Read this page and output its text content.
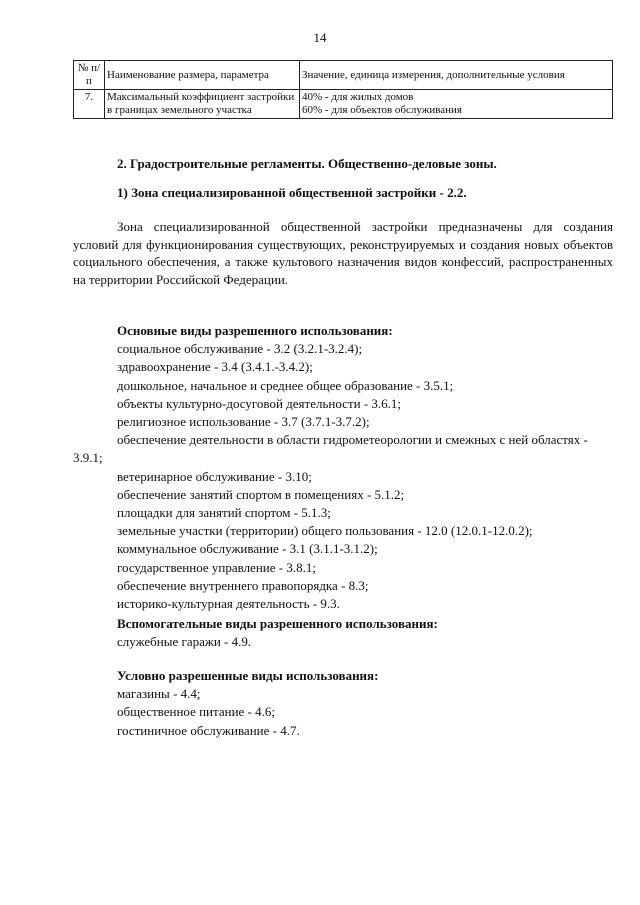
14
№ п/п	Наименование размера, параметра	Значение, единица измерения, дополнительные условия
7.	Максимальный коэффициент застройки в границах земельного участка	40% - для жилых домов
60% - для объектов обслуживания
2. Градостроительные регламенты. Общественно-деловые зоны.
1) Зона специализированной общественной застройки - 2.2.

Зона специализированной общественной застройки предназначены для создания условий для функционирования существующих, реконструируемых и создания новых объектов социального обеспечения, а также культового назначения видов конфессий, распространенных на территории Российской Федерации.

Основные виды разрешенного использования:
социальное обслуживание - 3.2 (3.2.1-3.2.4);
здравоохранение - 3.4 (3.4.1.-3.4.2);
дошкольное, начальное и среднее общее образование - 3.5.1;
объекты культурно-досуговой деятельности - 3.6.1;
религиозное использование - 3.7 (3.7.1-3.7.2);
обеспечение деятельности в области гидрометеорологии и смежных с ней областях - 3.9.1;
ветеринарное обслуживание - 3.10;
обеспечение занятий спортом в помещениях - 5.1.2;
площадки для занятий спортом - 5.1.3;
земельные участки (территории) общего пользования - 12.0 (12.0.1-12.0.2);
коммунальное обслуживание - 3.1 (3.1.1-3.1.2);
государственное управление - 3.8.1;
обеспечение внутреннего правопорядка - 8.3;
историко-культурная деятельность - 9.3.
Вспомогательные виды разрешенного использования:
служебные гаражи - 4.9.
Условно разрешенные виды использования:
магазины - 4.4;
общественное питание - 4.6;
гостиничное обслуживание - 4.7.
